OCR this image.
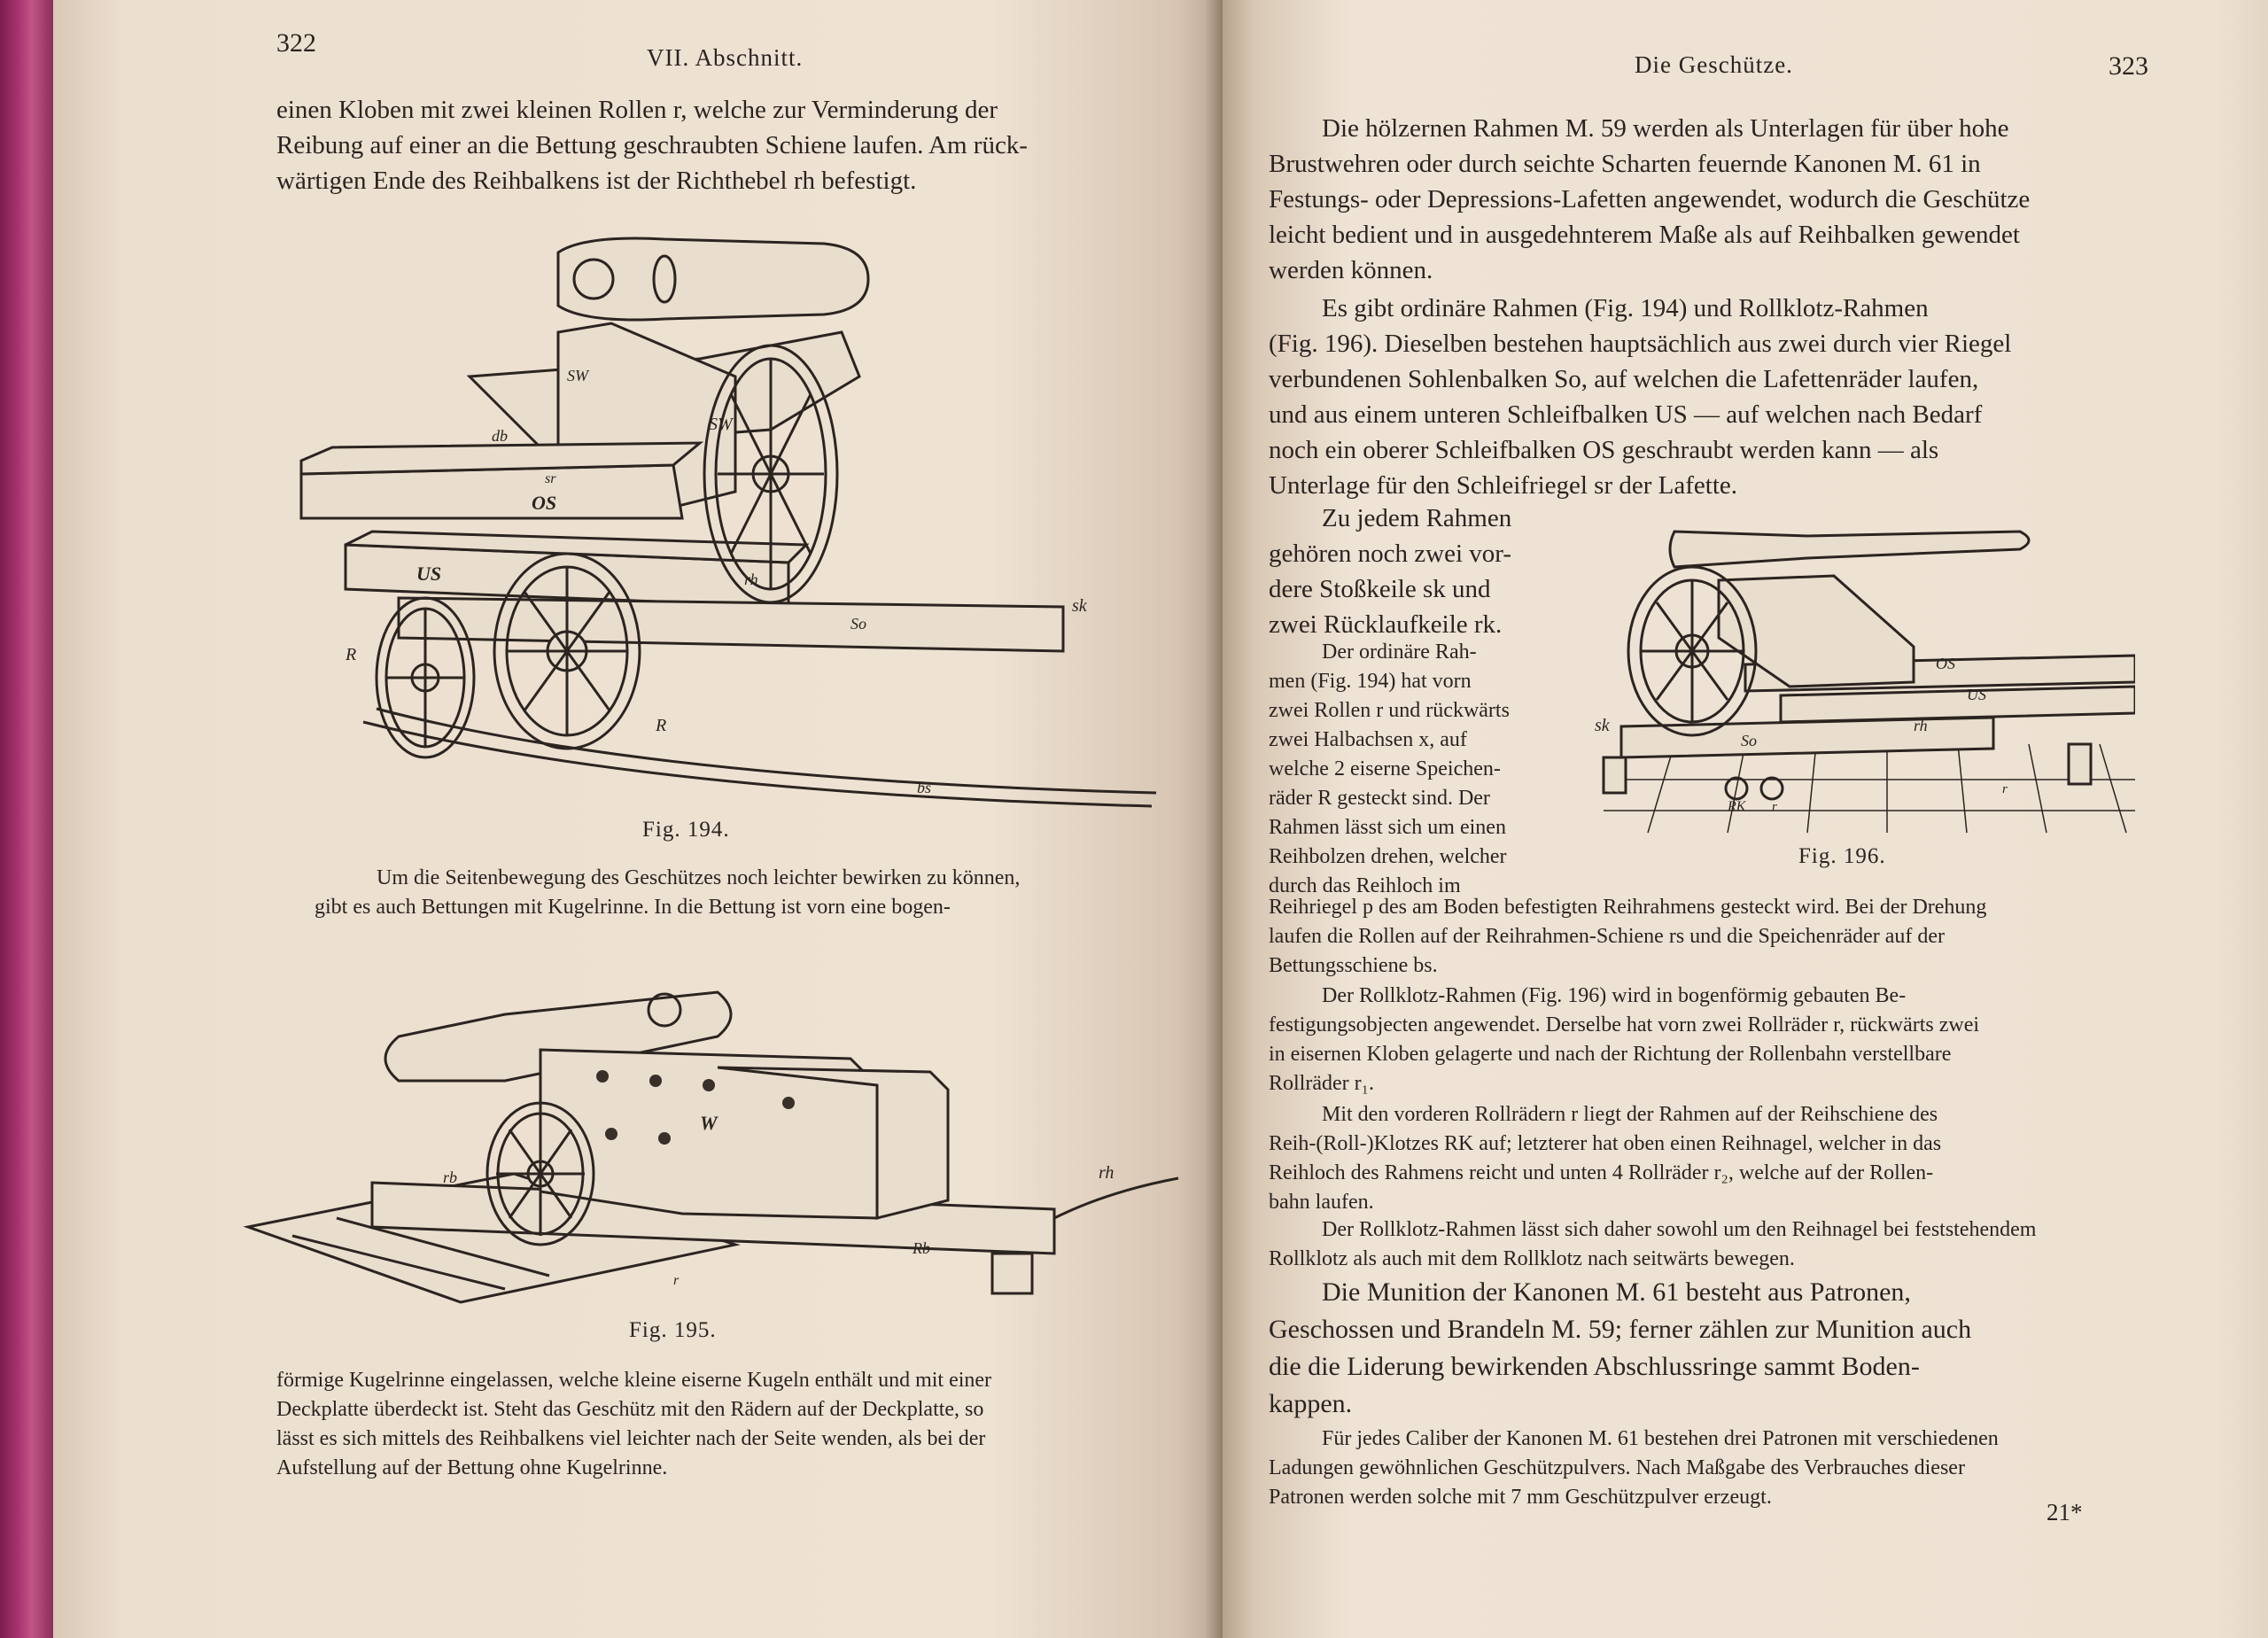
322	VII. Abschnitt.
einen Kloben mit zwei kleinen Rollen r, welche zur Verminderung der
Reibung auf einer an die Bettung geschraubten Schiene laufen. Am rück-
wärtigen Ende des Reihbalkens ist der Richthebel rh befestigt.
SW
SW
db
sr
OS
US	rh
sk
So
R
R
bs
Fig. 194.
Um die Seitenbewegung des Geschützes noch leichter bewirken zu können,
gibt es auch Bettungen mit Kugelrinne. In die Bettung ist vorn eine bogen-
W
rb	rh
Rb
r
Fig. 195.
förmige Kugelrinne eingelassen, welche kleine eiserne Kugeln enthält und mit einer
Deckplatte überdeckt ist. Steht das Geschütz mit den Rädern auf der Deckplatte, so
lässt es sich mittels des Reihbalkens viel leichter nach der Seite wenden, als bei der
Aufstellung auf der Bettung ohne Kugelrinne.
Die Geschütze.	323
Die hölzernen Rahmen M. 59 werden als Unterlagen für über hohe
Brustwehren oder durch seichte Scharten feuernde Kanonen M. 61 in
Festungs- oder Depressions-Lafetten angewendet, wodurch die Geschütze
leicht bedient und in ausgedehnterem Maße als auf Reihbalken gewendet
werden können.
Es gibt ordinäre Rahmen (Fig. 194) und Rollklotz-Rahmen
(Fig. 196). Dieselben bestehen hauptsächlich aus zwei durch vier Riegel
verbundenen Sohlenbalken So, auf welchen die Lafettenräder laufen,
und aus einem unteren Schleifbalken US — auf welchen nach Bedarf
noch ein oberer Schleifbalken OS geschraubt werden kann — als
Unterlage für den Schleifriegel sr der Lafette.
Zu jedem Rahmen
gehören noch zwei vor-
dere Stoßkeile sk und
zwei Rücklaufkeile rk.
Der ordinäre Rah-
men (Fig. 194) hat vorn
zwei Rollen r und rückwärts
zwei Halbachsen x, auf
welche 2 eiserne Speichen-
räder R gesteckt sind. Der
Rahmen lässt sich um einen
Reihbolzen drehen, welcher
durch das Reihloch im
OS
US
rh
sk
So
RK r
r
Fig. 196.
Reihriegel p des am Boden befestigten Reihrahmens gesteckt wird. Bei der Drehung
laufen die Rollen auf der Reihrahmen-Schiene rs und die Speichenräder auf der
Bettungsschiene bs.
Der Rollklotz-Rahmen (Fig. 196) wird in bogenförmig gebauten Be-
festigungsobjecten angewendet. Derselbe hat vorn zwei Rollräder r, rückwärts zwei
in eisernen Kloben gelagerte und nach der Richtung der Rollenbahn verstellbare
Rollräder r₁.
Mit den vorderen Rollrädern r liegt der Rahmen auf der Reihschiene des
Reih-(Roll-)Klotzes RK auf; letzterer hat oben einen Reihnagel, welcher in das
Reihloch des Rahmens reicht und unten 4 Rollräder r₂, welche auf der Rollen-
bahn laufen.
Der Rollklotz-Rahmen lässt sich daher sowohl um den Reihnagel bei feststehendem
Rollklotz als auch mit dem Rollklotz nach seitwärts bewegen.
Die Munition der Kanonen M. 61 besteht aus Patronen,
Geschossen und Brandeln M. 59; ferner zählen zur Munition auch
die die Liderung bewirkenden Abschlussringe sammt Boden-
kappen.
Für jedes Caliber der Kanonen M. 61 bestehen drei Patronen mit verschiedenen
Ladungen gewöhnlichen Geschützpulvers. Nach Maßgabe des Verbrauches dieser
Patronen werden solche mit 7 mm Geschützpulver erzeugt.
21*
